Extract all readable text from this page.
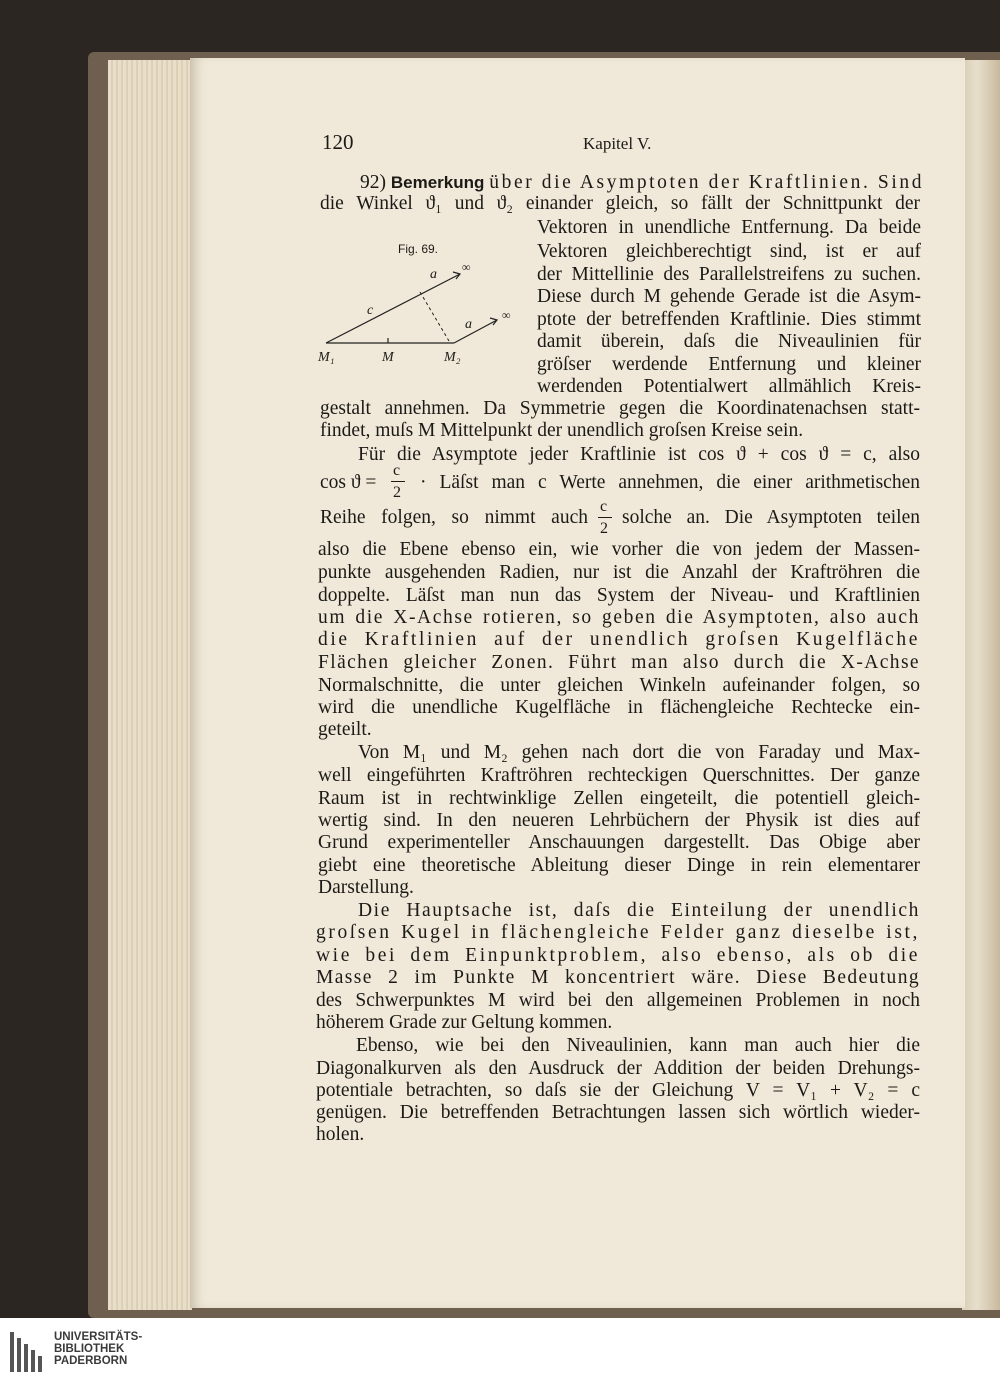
120	Kapitel V.
92) Bemerkung über die Asymptoten der Kraftlinien. Sind
die Winkel ϑ₁ und ϑ₂ einander gleich, so fällt der Schnittpunkt der
Fig. 69.
a ∞
c
a
∞
M₁	M	M₂
Vektoren in unendliche Entfernung. Da beide
Vektoren gleichberechtigt sind, ist er auf
der Mittellinie des Parallelstreifens zu suchen.
Diese durch M gehende Gerade ist die Asym-
ptote der betreffenden Kraftlinie. Dies stimmt
damit überein, daſs die Niveaulinien für
gröſser werdende Entfernung und kleiner
werdenden Potentialwert allmählich Kreis-
gestalt annehmen. Da Symmetrie gegen die Koordinatenachsen statt-
findet, muſs M Mittelpunkt der unendlich groſsen Kreise sein.
Für die Asymptote jeder Kraftlinie ist cos ϑ + cos ϑ = c, also
cos ϑ =
c
2 · Läſst man c Werte annehmen, die einer arithmetischen
Reihe folgen, so nimmt auch
c
2
solche an. Die Asymptoten teilen
also die Ebene ebenso ein, wie vorher die von jedem der Massen-
punkte ausgehenden Radien, nur ist die Anzahl der Kraftröhren die
doppelte. Läſst man nun das System der Niveau- und Kraftlinien
um die X-Achse rotieren, so geben die Asymptoten, also auch
die Kraftlinien auf der unendlich groſsen Kugelfläche
Flächen gleicher Zonen. Führt man also durch die X-Achse
Normalschnitte, die unter gleichen Winkeln aufeinander folgen, so
wird die unendliche Kugelfläche in flächengleiche Rechtecke ein-
geteilt.
Von M₁ und M₂ gehen nach dort die von Faraday und Max-
well eingeführten Kraftröhren rechteckigen Querschnittes. Der ganze
Raum ist in rechtwinklige Zellen eingeteilt, die potentiell gleich-
wertig sind. In den neueren Lehrbüchern der Physik ist dies auf
Grund experimenteller Anschauungen dargestellt. Das Obige aber
giebt eine theoretische Ableitung dieser Dinge in rein elementarer
Darstellung.
Die Hauptsache ist, daſs die Einteilung der unendlich
groſsen Kugel in flächengleiche Felder ganz dieselbe ist,
wie bei dem Einpunktproblem, also ebenso, als ob die
Masse 2 im Punkte M koncentriert wäre. Diese Bedeutung
des Schwerpunktes M wird bei den allgemeinen Problemen in noch
höherem Grade zur Geltung kommen.
Ebenso, wie bei den Niveaulinien, kann man auch hier die
Diagonalkurven als den Ausdruck der Addition der beiden Drehungs-
potentiale betrachten, so daſs sie der Gleichung V = V₁ + V₂ = c
genügen. Die betreffenden Betrachtungen lassen sich wörtlich wieder-
holen.
UNIVERSITÄTS-
BIBLIOTHEK
PADERBORN
